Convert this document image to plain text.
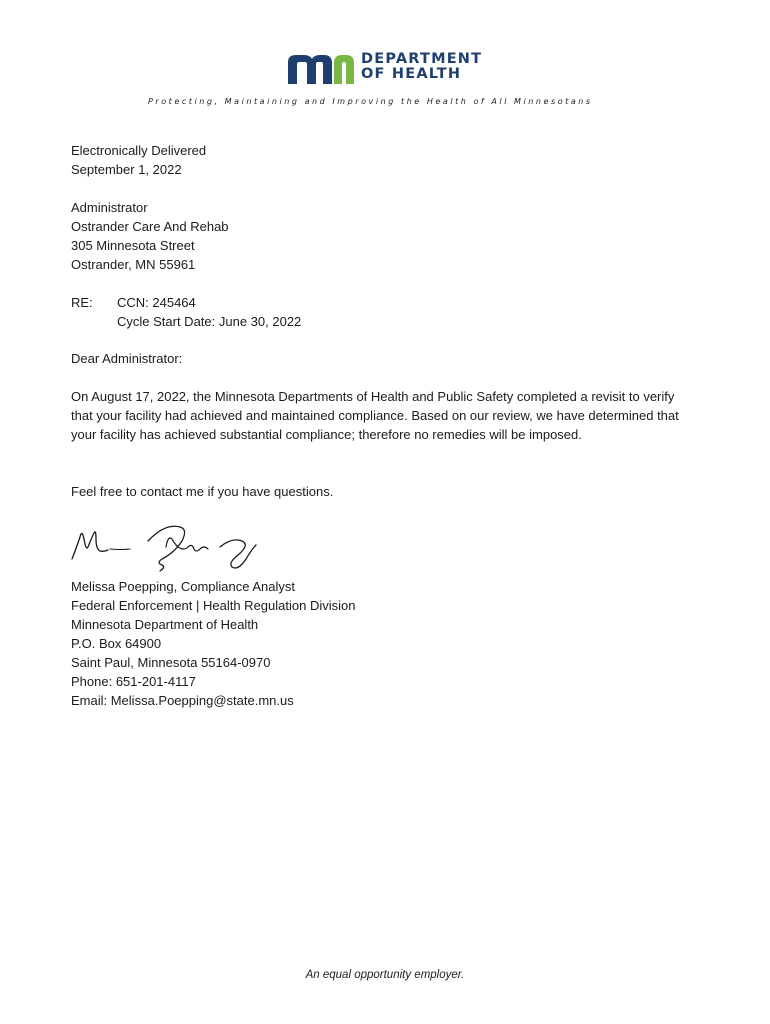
DEPARTMENT
OF HEALTH
Protecting, Maintaining and Improving the Health of All Minnesotans
Electronically Delivered
September 1, 2022
Administrator
Ostrander Care And Rehab
305 Minnesota Street
Ostrander, MN 55961
RE: CCN: 245464
Cycle Start Date: June 30, 2022
Dear Administrator:
On August 17, 2022, the Minnesota Departments of Health and Public Safety completed a revisit to verify that your facility had achieved and maintained compliance. Based on our review, we have determined that your facility has achieved substantial compliance; therefore no remedies will be imposed.
Feel free to contact me if you have questions.
Melissa Poepping, Compliance Analyst
Federal Enforcement | Health Regulation Division
Minnesota Department of Health
P.O. Box 64900
Saint Paul, Minnesota 55164-0970
Phone: 651-201-4117
Email: Melissa.Poepping@state.mn.us
An equal opportunity employer.
